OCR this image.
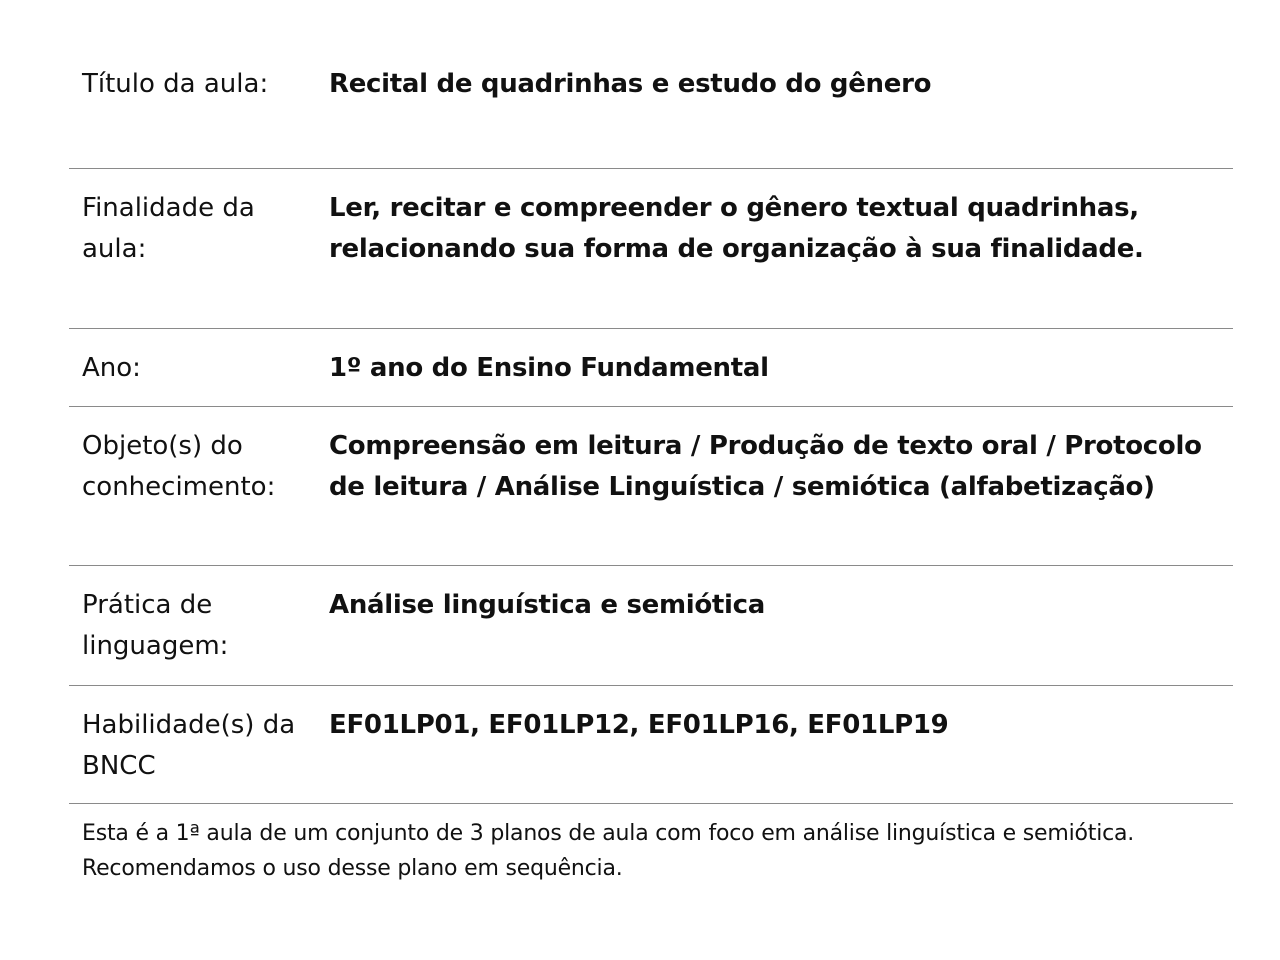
Título da aula:	Recital de quadrinhas e estudo do gênero
Finalidade da aula:
Ler, recitar e compreender o gênero textual quadrinhas, relacionando sua forma de organização à sua finalidade.
Ano:	1º ano do Ensino Fundamental
Objeto(s) do conhecimento:
Compreensão em leitura / Produção de texto oral / Protocolo de leitura / Análise Linguística / semiótica (alfabetização)
Prática de linguagem:
Análise linguística e semiótica
Habilidade(s) da BNCC
EF01LP01, EF01LP12, EF01LP16, EF01LP19
Esta é a 1ª aula de um conjunto de 3 planos de aula com foco em análise linguística e semiótica. Recomendamos o uso desse plano em sequência.
